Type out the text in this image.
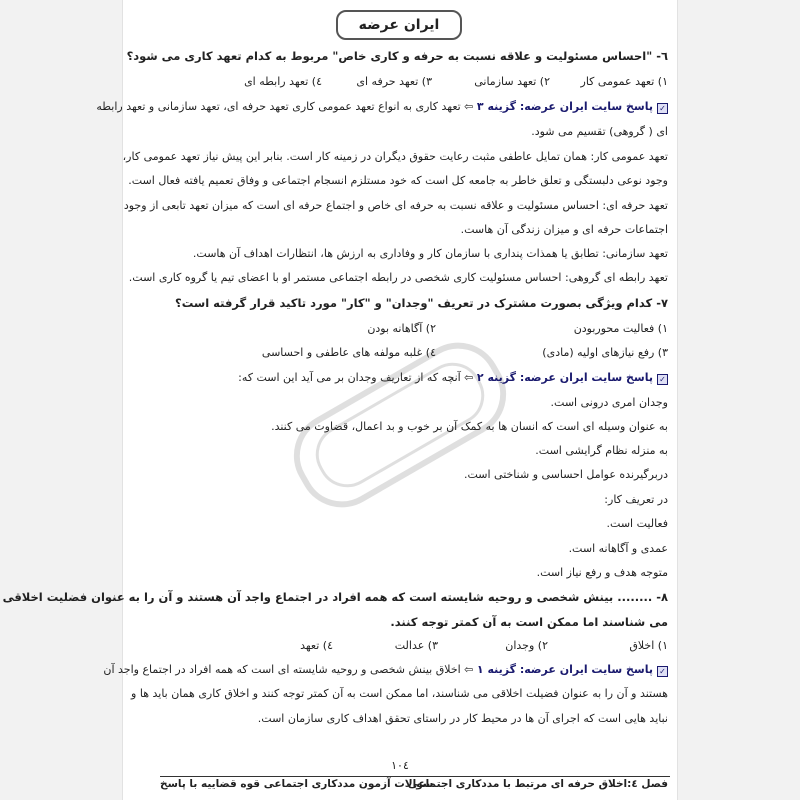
ایران عرضه
٦- "احساس مسئولیت و علاقه نسبت به حرفه و کاری خاص" مربوط به کدام تعهد کاری می شود؟
١) تعهد عمومی کار
٢) تعهد سازمانی
٣) تعهد حرفه ای
٤) تعهد رابطه ای
✓پاسخ سایت ایران عرضه: گزینه ٣ ⇦ تعهد کاری به انواع تعهد عمومی کاری تعهد حرفه ای، تعهد سازمانی و تعهد رابطه
ای ( گروهی) تقسیم می شود.
تعهد عمومی کار: همان تمایل عاطفی مثبت رعایت حقوق دیگران در زمینه کار است. بنابر این پیش نیاز تعهد عمومی کار،
وجود نوعی دلبستگی و تعلق خاطر به جامعه کل است که خود مستلزم انسجام اجتماعی و وفاق تعمیم یافته فعال است.
تعهد حرفه ای: احساس مسئولیت و علاقه نسبت به حرفه ای خاص و اجتماع حرفه ای است که میزان تعهد تابعی از وجود
اجتماعات حرفه ای و میزان زندگی آن هاست.
تعهد سازمانی: تطابق یا همذات پنداری با سازمان کار و وفاداری به ارزش ها، انتظارات اهداف آن هاست.
تعهد رابطه ای گروهی: احساس مسئولیت کاری شخصی در رابطه اجتماعی مستمر او با اعضای تیم یا گروه کاری است.
٧- کدام ویژگی بصورت مشترک در تعریف "وجدان" و "کار" مورد تاکید قرار گرفته است؟
١) فعالیت محوربودن
٢) آگاهانه بودن
٣) رفع نیازهای اولیه (مادی)
٤) غلبه مولفه های عاطفی و احساسی
✓پاسخ سایت ایران عرضه: گزینه ٢ ⇦ آنچه که از تعاریف وجدان بر می آید این است که:
وجدان امری درونی است.
به عنوان وسیله ای است که انسان ها به کمک آن بر خوب و بد اعمال، قضاوت می کنند.
به منزله نظام گرایشی است.
دربرگیرنده عوامل احساسی و شناختی است.
در تعریف کار:
فعالیت است.
عمدی و آگاهانه است.
متوجه هدف و رفع نیاز است.
٨- ........ بینش شخصی و روحیه شایسته است که همه افراد در اجتماع واجد آن هستند و آن را به عنوان فضلیت اخلاقی
می شناسند اما ممکن است به آن کمتر توجه کنند.
١) اخلاق
٢) وجدان
٣) عدالت
٤) تعهد
✓پاسخ سایت ایران عرضه: گزینه ١ ⇦ اخلاق بینش شخصی و روحیه شایسته ای است که همه افراد در اجتماع واجد آن
هستند و آن را به عنوان فضیلت اخلاقی می شناسند، اما ممکن است به آن کمتر توجه کنند و اخلاق کاری همان باید ها و
نباید هایی است که اجرای آن ها در محیط کار در راستای تحقق اهداف کاری سازمان است.
١٠٤
فصل ٤:اخلاق حرفه ای مرتبط با مددکاری اجتماعی
سوالات آزمون مددکاری اجتماعی قوه قضاییه با پاسخ
